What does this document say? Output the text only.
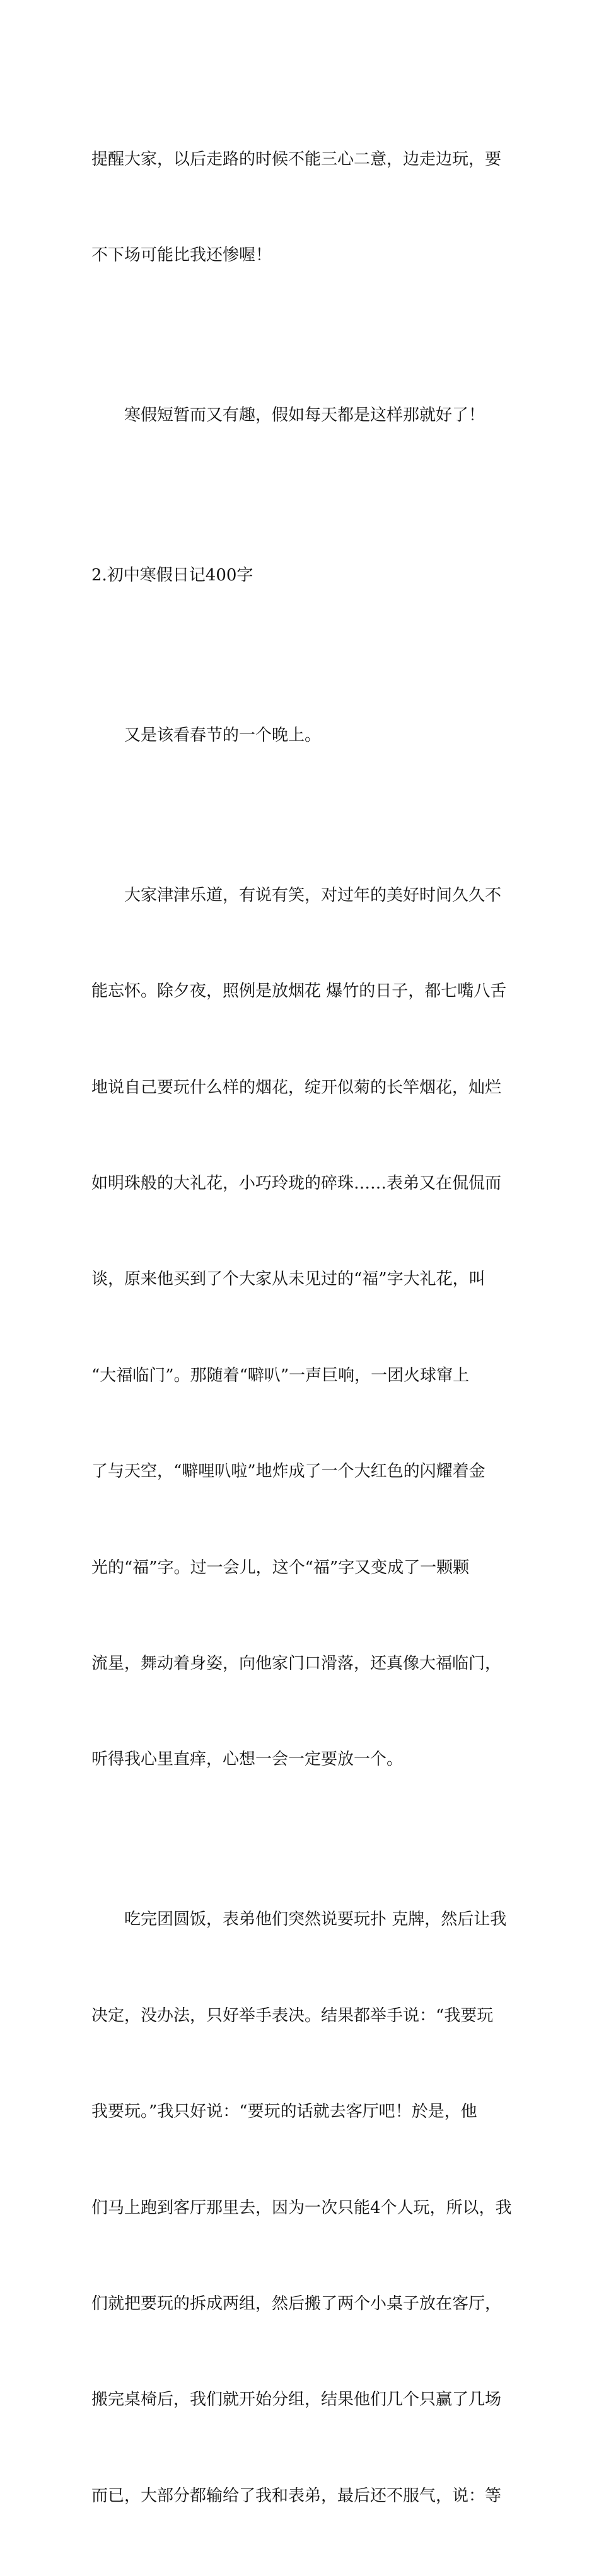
提醒大家，以后走路的时候不能三心二意，边走边玩，要

不下场可能比我还惨喔！

　　寒假短暂而又有趣，假如每天都是这样那就好了！

2.初中寒假日记400字

　　又是该看春节的一个晚上。

　　大家津津乐道，有说有笑，对过年的美好时间久久不

能忘怀。除夕夜，照例是放烟花 爆竹的日子，都七嘴八舌

地说自己要玩什么样的烟花，绽开似菊的长竿烟花，灿烂

如明珠般的大礼花，小巧玲珑的碎珠……表弟又在侃侃而

谈，原来他买到了个大家从未见过的“福”字大礼花，叫

“大福临门”。那随着“噼叭”一声巨响，一团火球窜上

了与天空，“噼哩叭啦”地炸成了一个大红色的闪耀着金

光的“福”字。过一会儿，这个“福”字又变成了一颗颗

流星，舞动着身姿，向他家门口滑落，还真像大福临门，

听得我心里直痒，心想一会一定要放一个。

　　吃完团圆饭，表弟他们突然说要玩扑 克牌，然后让我

决定，没办法，只好举手表决。结果都举手说：“我要玩

我要玩。”我只好说：“要玩的话就去客厅吧！於是，他

们马上跑到客厅那里去，因为一次只能4个人玩，所以，我

们就把要玩的拆成两组，然后搬了两个小桌子放在客厅，

搬完桌椅后，我们就开始分组，结果他们几个只赢了几场

而已，大部分都输给了我和表弟，最后还不服气，说：等
